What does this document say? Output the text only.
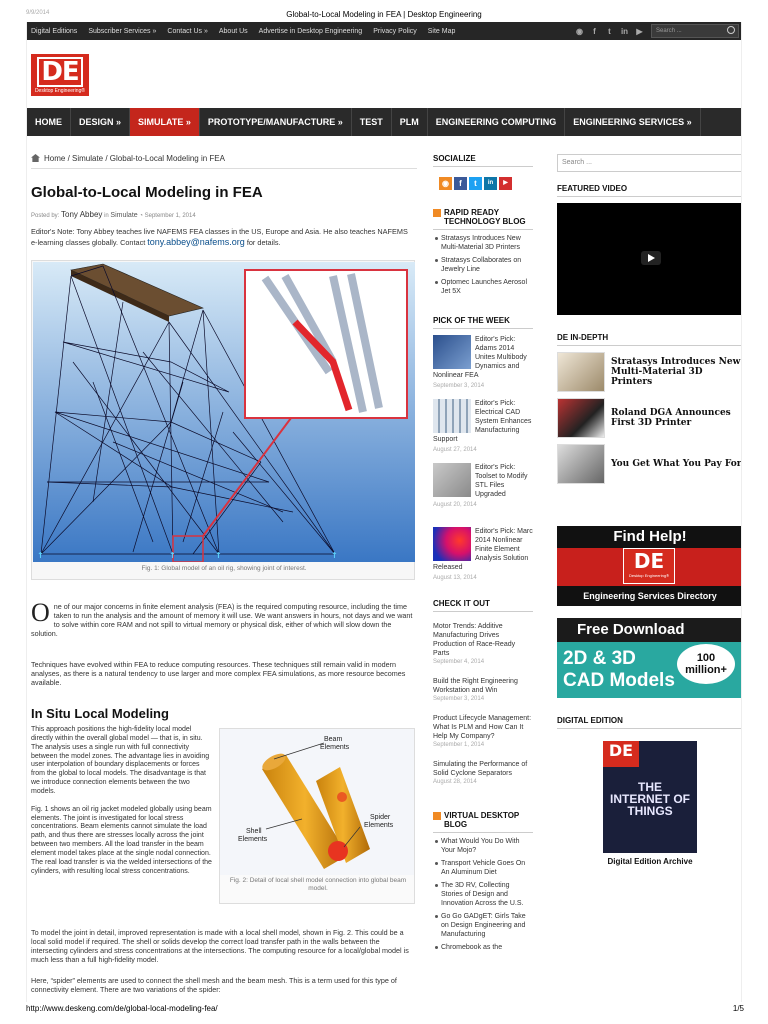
9/9/2014	Global-to-Local Modeling in FEA | Desktop Engineering
Digital Editions Subscriber Services » Contact Us » About Us Advertise in Desktop Engineering Privacy Policy Site Map	◉	f	t	in	▶	Search ...
DE
Desktop Engineering®
HOME	DESIGN »	SIMULATE »	PROTOTYPE/MANUFACTURE »	TEST	PLM	ENGINEERING COMPUTING	ENGINEERING SERVICES »
Home / Simulate / Global-to-Local Modeling in FEA
Global-to-Local Modeling in FEA
Posted by: Tony Abbey in Simulate ◔ September 1, 2014

Editor's Note: Tony Abbey teaches live NAFEMS FEA classes in the US, Europe and Asia. He also teaches NAFEMS e-learning classes globally. Contact tony.abbey@nafems.org for details.

↑	↑	↑	↑
Fig. 1: Global model of an oil rig, showing joint of interest.

O ne of our major concerns in finite element analysis (FEA) is the required computing resource, including the time taken to run the analysis and the amount of memory it will use. We want answers in hours, not days and we want to solve within core RAM and not spill to virtual memory or physical disk, either of which will slow down the solution.

Techniques have evolved within FEA to reduce computing resources. These techniques still remain valid in modern analyses, as there is a natural tendency to use larger and more complex FEA simulations, as more resource becomes available.

In Situ Local Modeling

This approach positions the high-fidelity local model directly within the overall global model — that is, in situ. The analysis uses a single run with full connectivity between the model zones. The advantage lies in avoiding user interpolation of boundary displacements or forces from the global to local models. The disadvantage is that we introduce connection elements between the two models.

Fig. 1 shows an oil rig jacket modeled globally using beam elements. The joint is investigated for local stress concentrations. Beam elements cannot simulate the load path, and thus there are stresses locally across the joint between two members. All the load transfer in the beam element model takes place at the single nodal connection. The real load transfer is via the welded intersections of the cylinders, with resulting local stress concentrations.

Beam Elements
Shell Elements
Spider Elements
Fig. 2: Detail of local shell model connection into global beam model.

To model the joint in detail, improved representation is made with a local shell model, shown in Fig. 2. This could be a local solid model if required. The shell or solids develop the correct load transfer path in the walls between the intersecting cylinders and stress concentrations at the intersections. The computing resource for a local/global model is much less than a full high-fidelity model.

Here, “spider” elements are used to connect the shell mesh and the beam mesh. This is a term used for this type of connectivity element. There are two variations of the spider:

SOCIALIZE
◉	f	t	in	▶
RAPID READY TECHNOLOGY BLOG
Stratasys Introduces New Multi-Material 3D Printers
Stratasys Collaborates on Jewelry Line
Optomec Launches Aerosol Jet 5X
PICK OF THE WEEK
Editor's Pick: Adams 2014 Unites Multibody Dynamics and Nonlinear FEA
September 3, 2014
Editor's Pick: Electrical CAD System Enhances Manufacturing Support
August 27, 2014
Editor's Pick: Toolset to Modify STL Files Upgraded
August 20, 2014
Editor's Pick: Marc 2014 Nonlinear Finite Element Analysis Solution Released
August 13, 2014
CHECK IT OUT
Motor Trends: Additive Manufacturing Drives Production of Race-Ready Parts
September 4, 2014
Build the Right Engineering Workstation and Win
September 3, 2014
Product Lifecycle Management: What Is PLM and How Can It Help My Company?
September 1, 2014
Simulating the Performance of Solid Cyclone Separators
August 28, 2014
VIRTUAL DESKTOP BLOG
What Would You Do With Your Mojo?
Transport Vehicle Goes On An Aluminum Diet
The 3D RV, Collecting Stories of Design and Innovation Across the U.S.
Go Go GADgET: Girls Take on Design Engineering and Manufacturing
Chromebook as the
Search ...
FEATURED VIDEO
DE IN-DEPTH
Stratasys Introduces New Multi-Material 3D Printers
Roland DGA Announces First 3D Printer
You Get What You Pay For
Find Help!
DE
Desktop Engineering®
Engineering Services Directory
Free Download
2D & 3D
CAD Models
100 million+
DIGITAL EDITION
DE
THE INTERNET OF THINGS
Digital Edition Archive
http://www.deskeng.com/de/global-local-modeling-fea/	1/5
